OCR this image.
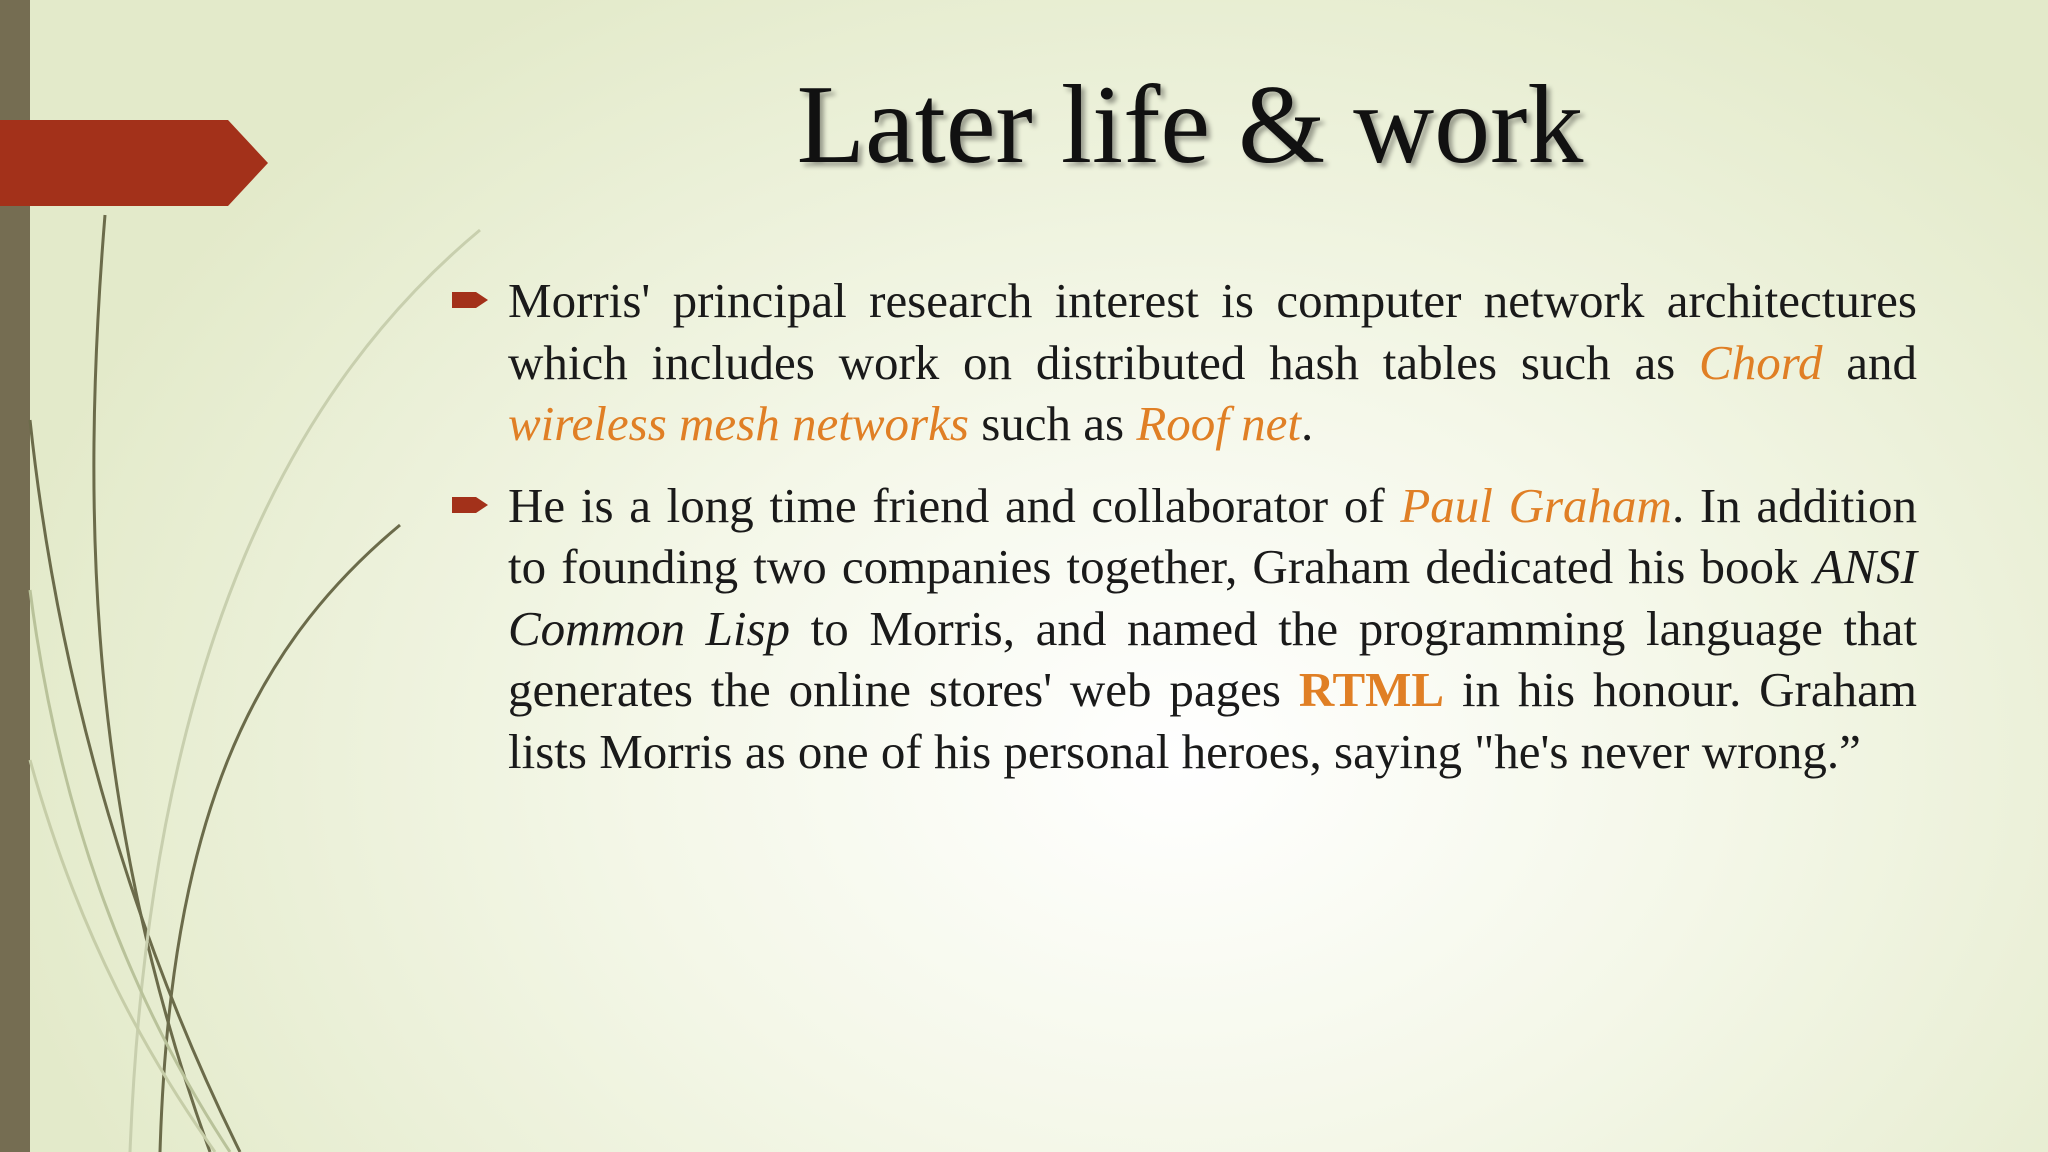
Later life & work
Morris' principal research interest is computer network architectures which includes work on distributed hash tables such as Chord and wireless mesh networks such as Roof net.
He is a long time friend and collaborator of Paul Graham. In addition to founding two companies together, Graham dedicated his book ANSI Common Lisp to Morris, and named the programming language that generates the online stores' web pages RTML in his honour. Graham lists Morris as one of his personal heroes, saying "he's never wrong.”
